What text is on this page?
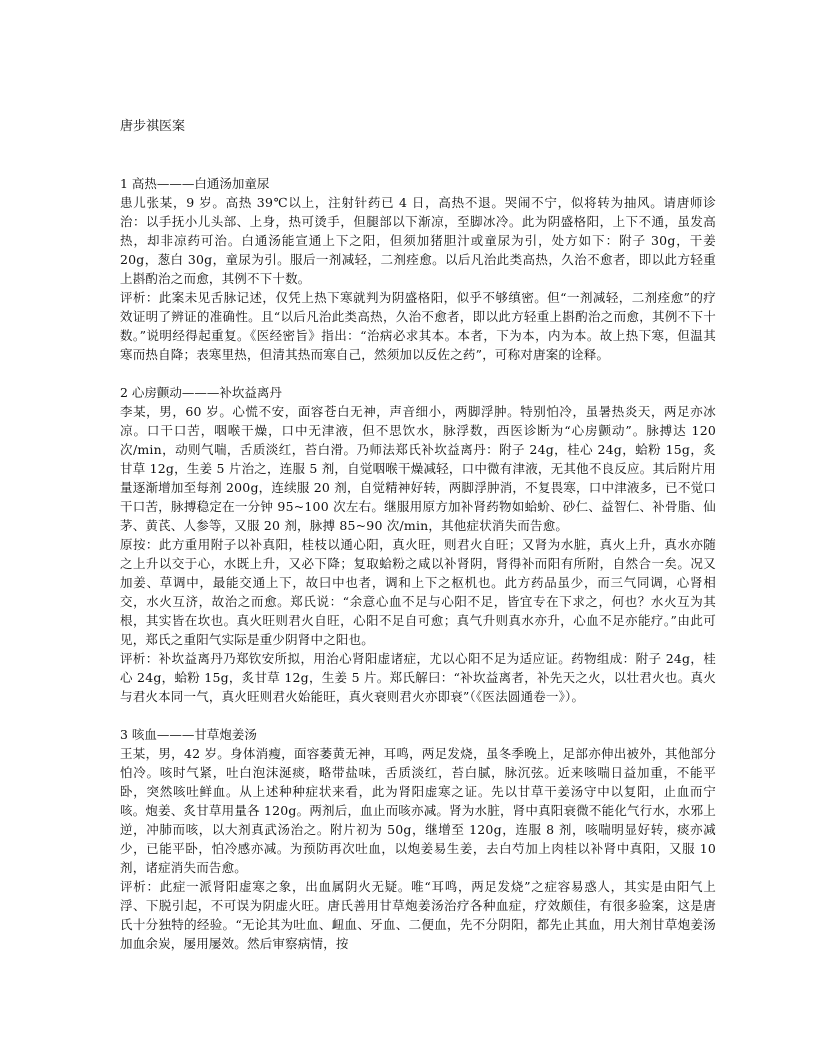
唐步祺医案

1 高热———白通汤加童尿

患儿张某，9 岁。高热 39℃以上，注射针药已 4 日，高热不退。哭闹不宁，似将转为抽风。请唐师诊治：以手抚小儿头部、上身，热可烫手，但腿部以下渐凉，至脚冰冷。此为阴盛格阳，上下不通，虽发高热，却非凉药可治。白通汤能宣通上下之阳，但须加猪胆汁或童尿为引，处方如下：附子 30g，干姜 20g，葱白 30g，童尿为引。服后一剂减轻，二剂痊愈。以后凡治此类高热，久治不愈者，即以此方轻重上斟酌治之而愈，其例不下十数。

评析：此案未见舌脉记述，仅凭上热下寒就判为阴盛格阳，似乎不够缜密。但“一剂减轻，二剂痊愈”的疗效证明了辨证的准确性。且“以后凡治此类高热，久治不愈者，即以此方轻重上斟酌治之而愈，其例不下十数。”说明经得起重复。《医经密旨》指出：“治病必求其本。本者，下为本，内为本。故上热下寒，但温其寒而热自降；表寒里热，但清其热而寒自己，然须加以反佐之药”，可称对唐案的诠释。

2 心房颤动———补坎益离丹

李某，男，60 岁。心慌不安，面容苍白无神，声音细小，两脚浮肿。特别怕冷，虽暑热炎天，两足亦冰凉。口干口苦，咽喉干燥，口中无津液，但不思饮水，脉浮数，西医诊断为“心房颤动”。脉搏达 120 次/min，动则气喘，舌质淡红，苔白滑。乃师法郑氏补坎益离丹：附子 24g，桂心 24g，蛤粉 15g，炙甘草 12g，生姜 5 片治之，连服 5 剂，自觉咽喉干燥减轻，口中微有津液，无其他不良反应。其后附片用量逐渐增加至每剂 200g，连续服 20 剂，自觉精神好转，两脚浮肿消，不复畏寒，口中津液多，已不觉口干口苦，脉搏稳定在一分钟 95~100 次左右。继服用原方加补肾药物如蛤蚧、砂仁、益智仁、补骨脂、仙茅、黄芪、人参等，又服 20 剂，脉搏 85~90 次/min，其他症状消失而告愈。

原按：此方重用附子以补真阳，桂枝以通心阳，真火旺，则君火自旺；又肾为水脏，真火上升，真水亦随之上升以交于心，水既上升，又必下降；复取蛤粉之咸以补肾阴，肾得补而阳有所附，自然合一矣。况又加姜、草调中，最能交通上下，故曰中也者，调和上下之枢机也。此方药品虽少，而三气同调，心肾相交，水火互济，故治之而愈。郑氏说：“余意心血不足与心阳不足，皆宜专在下求之，何也？水火互为其根，其实皆在坎也。真火旺则君火自旺，心阳不足自可愈；真气升则真水亦升，心血不足亦能疗。”由此可见，郑氏之重阳气实际是重少阴肾中之阳也。

评析：补坎益离丹乃郑钦安所拟，用治心肾阳虚诸症，尤以心阳不足为适应证。药物组成：附子 24g，桂心 24g，蛤粉 15g，炙甘草 12g，生姜 5 片。郑氏解曰：“补坎益离者，补先天之火，以壮君火也。真火与君火本同一气，真火旺则君火始能旺，真火衰则君火亦即衰”（《医法圆通卷一》）。

3 咳血———甘草炮姜汤

王某，男，42 岁。身体消瘦，面容萎黄无神，耳鸣，两足发烧，虽冬季晚上，足部亦伸出被外，其他部分怕冷。咳时气紧，吐白泡沫涎痰，略带盐味，舌质淡红，苔白腻，脉沉弦。近来咳喘日益加重，不能平卧，突然咳吐鲜血。从上述种种症状来看，此为肾阳虚寒之证。先以甘草干姜汤守中以复阳，止血而宁咳。炮姜、炙甘草用量各 120g。两剂后，血止而咳亦减。肾为水脏，肾中真阳衰微不能化气行水，水邪上逆，冲肺而咳，以大剂真武汤治之。附片初为 50g，继增至 120g，连服 8 剂，咳喘明显好转，痰亦减少，已能平卧，怕冷感亦减。为预防再次吐血，以炮姜易生姜，去白芍加上肉桂以补肾中真阳，又服 10 剂，诸症消失而告愈。

评析：此症一派肾阳虚寒之象，出血属阴火无疑。唯“耳鸣，两足发烧”之症容易惑人，其实是由阳气上浮、下脱引起，不可误为阴虚火旺。唐氏善用甘草炮姜汤治疗各种血症，疗效颇佳，有很多验案，这是唐氏十分独特的经验。“无论其为吐血、衄血、牙血、二便血，先不分阴阳，都先止其血，用大剂甘草炮姜汤加血余炭，屡用屡效。然后审察病情，按
